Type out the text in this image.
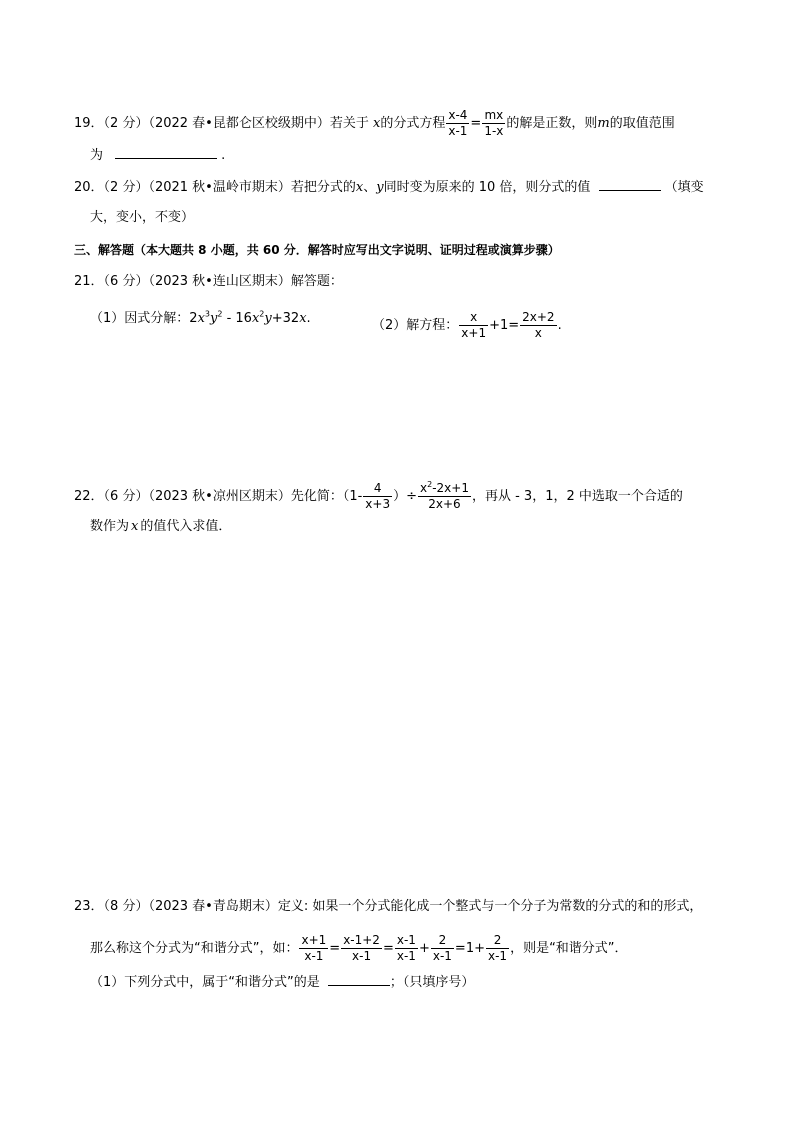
19．（2 分）（2022 春•昆都仑区校级期中）若关于 x的分式方程 $\frac{x-4}{x-1} = \frac{mx}{1-x}$ 的解是正数，则m的取值范围
为	.
20．（2 分）（2021 秋•温岭市期末）若把分式的x、y同时变为原来的 10 倍，则分式的值	（填变
大，变小，不变）
三、解答题（本大题共 8 小题，共 60 分．解答时应写出文字说明、证明过程或演算步骤）
21．（6 分）（2023 秋•连山区期末）解答题：
（1）因式分解：$2x^3y^2 - 16x^2y+32x$.	（2）解方程： $\frac{x}{x+1} +1= \frac{2x+2}{x}$ .
22．（6 分）（2023 秋•凉州区期末）先化简：（$1- \frac{4}{x+3}$ ）÷ $\frac{x^2-2x+1}{2x+6}$ ，再从 - 3，1，2 中选取一个合适的
数作为 x 的值代入求值．
23．（8 分）（2023 春•青岛期末）定义: 如果一个分式能化成一个整式与一个分子为常数的分式的和的形式，
那么称这个分式为“和谐分式”，如： $\frac{x+1}{x-1} = \frac{x-1+2}{x-1} = \frac{x-1}{x-1} + \frac{2}{x-1} =1+ \frac{2}{x-1}$ ，则是“和谐分式”．
（1）下列分式中，属于“和谐分式”的是	；（只填序号）
